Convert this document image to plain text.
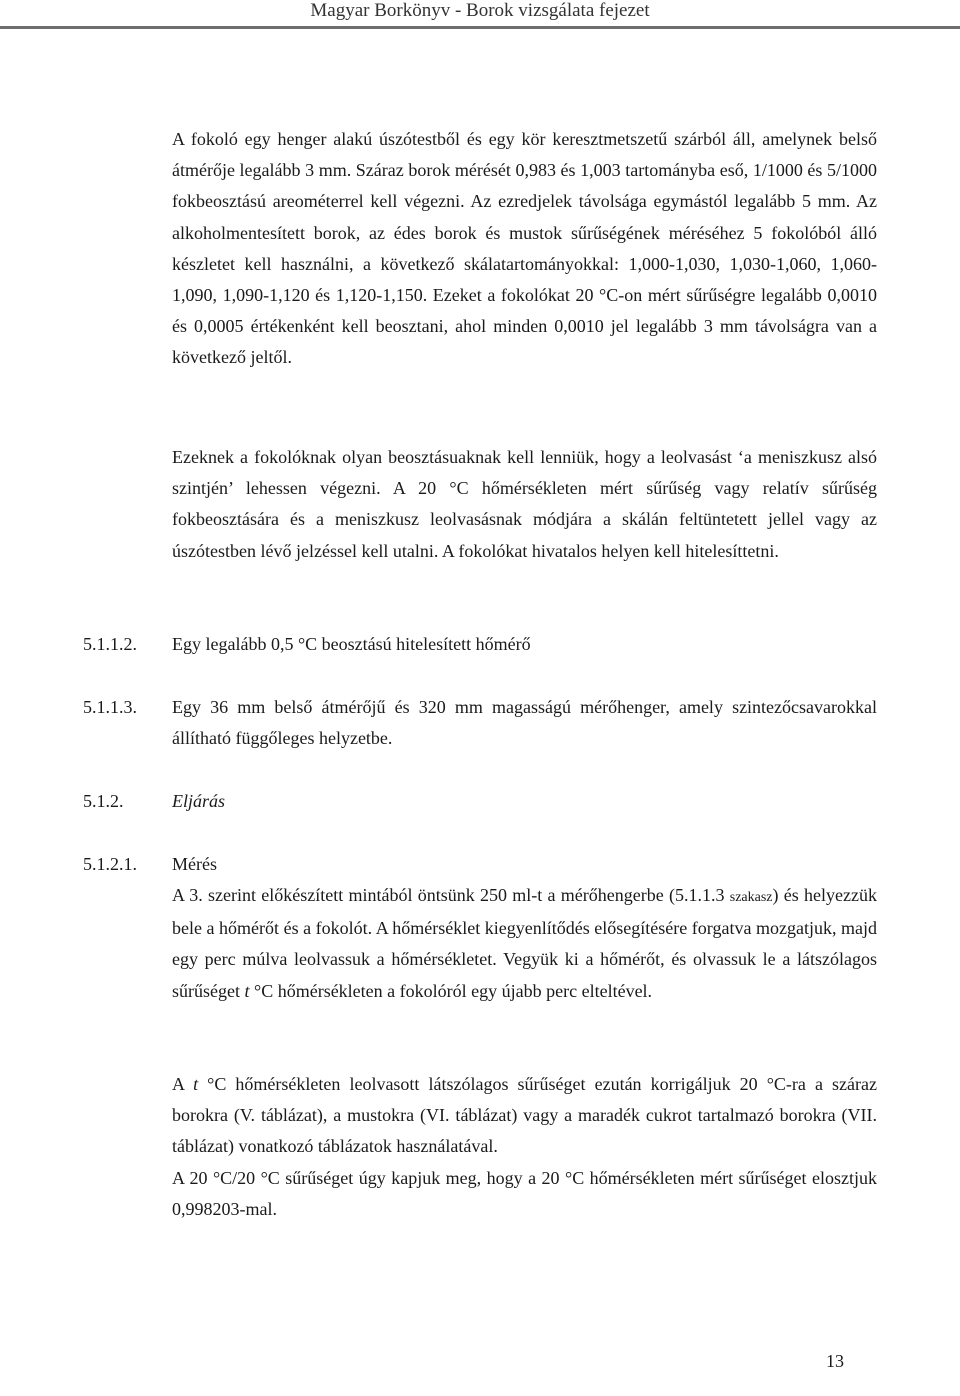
Magyar Borkönyv - Borok vizsgálata fejezet

A fokoló egy henger alakú úszótestből és egy kör keresztmetszetű szárból áll, amelynek belső átmérője legalább 3 mm. Száraz borok mérését 0,983 és 1,003 tartományba eső, 1/1000 és 5/1000 fokbeosztású areométerrel kell végezni. Az ezredjelek távolsága egymástól legalább 5 mm. Az alkoholmentesített borok, az édes borok és mustok sűrűségének méréséhez 5 fokolóból álló készletet kell használni, a következő skálatartományokkal: 1,000-1,030, 1,030-1,060, 1,060-1,090, 1,090-1,120 és 1,120-1,150. Ezeket a fokolókat 20 °C-on mért sűrűségre legalább 0,0010 és 0,0005 értékenként kell beosztani, ahol minden 0,0010 jel legalább 3 mm távolságra van a következő jeltől.

Ezeknek a fokolóknak olyan beosztásuaknak kell lenniük, hogy a leolvasást ‘a meniszkusz alsó szintjén’ lehessen végezni. A 20 °C hőmérsékleten mért sűrűség vagy relatív sűrűség fokbeosztására és a meniszkusz leolvasásnak módjára a skálán feltüntetett jellel vagy az úszótestben lévő jelzéssel kell utalni. A fokolókat hivatalos helyen kell hitelesíttetni.

5.1.1.2. Egy legalább 0,5 °C beosztású hitelesített hőmérő
5.1.1.3. Egy 36 mm belső átmérőjű és 320 mm magasságú mérőhenger, amely szintezőcsavarokkal állítható függőleges helyzetbe.

5.1.2.	Eljárás
5.1.2.1. Mérés

A 3. szerint előkészített mintából öntsünk 250 ml-t a mérőhengerbe (5.1.1.3 szakasz) és helyezzük bele a hőmérőt és a fokolót. A hőmérséklet kiegyenlítődés elősegítésére forgatva mozgatjuk, majd egy perc múlva leolvassuk a hőmérsékletet. Vegyük ki a hőmérőt, és olvassuk le a látszólagos sűrűséget t °C hőmérsékleten a fokolóról egy újabb perc elteltével.

A t °C hőmérsékleten leolvasott látszólagos sűrűséget ezután korrigáljuk 20 °C-ra a száraz borokra (V. táblázat), a mustokra (VI. táblázat) vagy a maradék cukrot tartalmazó borokra (VII. táblázat) vonatkozó táblázatok használatával.

A 20 °C/20 °C sűrűséget úgy kapjuk meg, hogy a 20 °C hőmérsékleten mért sűrűséget elosztjuk 0,998203-mal.

13
